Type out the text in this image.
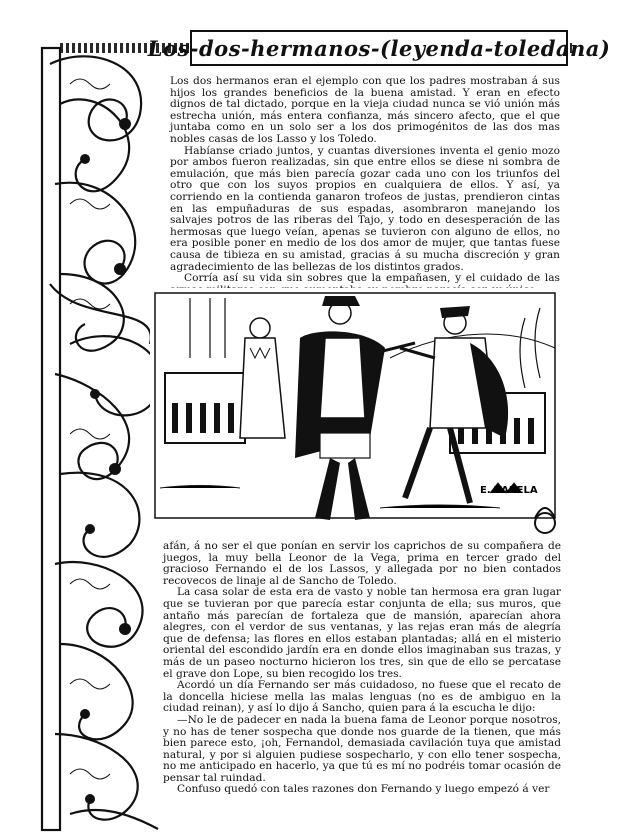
Los-dos-hermanos-(leyenda-toledana)

Los dos hermanos eran el ejemplo con que los padres mostraban á sus hijos los grandes beneficios de la buena amistad. Y eran en efecto dignos de tal dictado, porque en la vieja ciudad nunca se vió unión más estrecha unión, más entera confianza, más sincero afecto, que el que juntaba como en un solo ser a los dos primogénitos de las dos mas nobles casas de los Lasso y los Toledo.

Habíanse criado juntos, y cuantas diversiones inventa el genio mozo por ambos fueron realizadas, sin que entre ellos se diese ni sombra de emulación, que más bien parecía gozar cada uno con los triunfos del otro que con los suyos propios en cualquiera de ellos. Y así, ya corriendo en la contienda ganaron trofeos de justas, prendieron cintas en las empuñaduras de sus espadas, asombraron manejando los salvajes potros de las riberas del Tajo, y todo en desesperación de las hermosas que luego veían, apenas se tuvieron con alguno de ellos, no era posible poner en medio de los dos amor de mujer, que tantas fuese causa de tibieza en su amistad, gracias á su mucha discreción y gran agradecimiento de las bellezas de los distintos grados.

Corría así su vida sin sobres que la empañasen, y el cuidado de las

E. VARELA

afán, á no ser el que ponían en servir los caprichos de su compañera de juegos, la muy bella Leonor de la Vega, prima en tercer grado del gracioso Fernando el de los Lassos, y allegada por no bien contados recovecos de linaje al de Sancho de Toledo.

La casa solar de esta era de vasto y noble tan hermosa era gran lugar que se tuvieran por que parecía estar conjunta de ella; sus muros, que antaño más parecían de fortaleza que de mansión, aparecían ahora alegres, con el verdor de sus ventanas, y las rejas eran más de alegría que de defensa; las flores en ellos estaban plantadas; allá en el misterio oriental del escondido jardín era en donde ellos imaginaban sus trazas, y más de un paseo nocturno hicieron los tres, sin que de ello se percatase el grave don Lope, su bien recogido los tres.

Acordó un día Fernando ser más cuidadoso, no fuese que el recato de la doncella hiciese mella las malas lenguas (no es de ambiguo en la ciudad reinan), y así lo dijo á Sancho, quien para á la escucha le dijo:

—No le de padecer en nada la buena fama de Leonor porque nosotros, y no has de tener sospecha que donde nos guarde de la tienen, que más bien parece esto, ¡oh, Fernandol, demasiada cavilación tuya que amistad natural, y por si alguien pudiese sospecharlo, y con ello tener sospecha, no me anticipado en hacerlo, ya que tú es mí no podréis tomar ocasión de pensar tal ruindad.

Confuso quedó con tales razones don Fernando y luego empezó á ver
